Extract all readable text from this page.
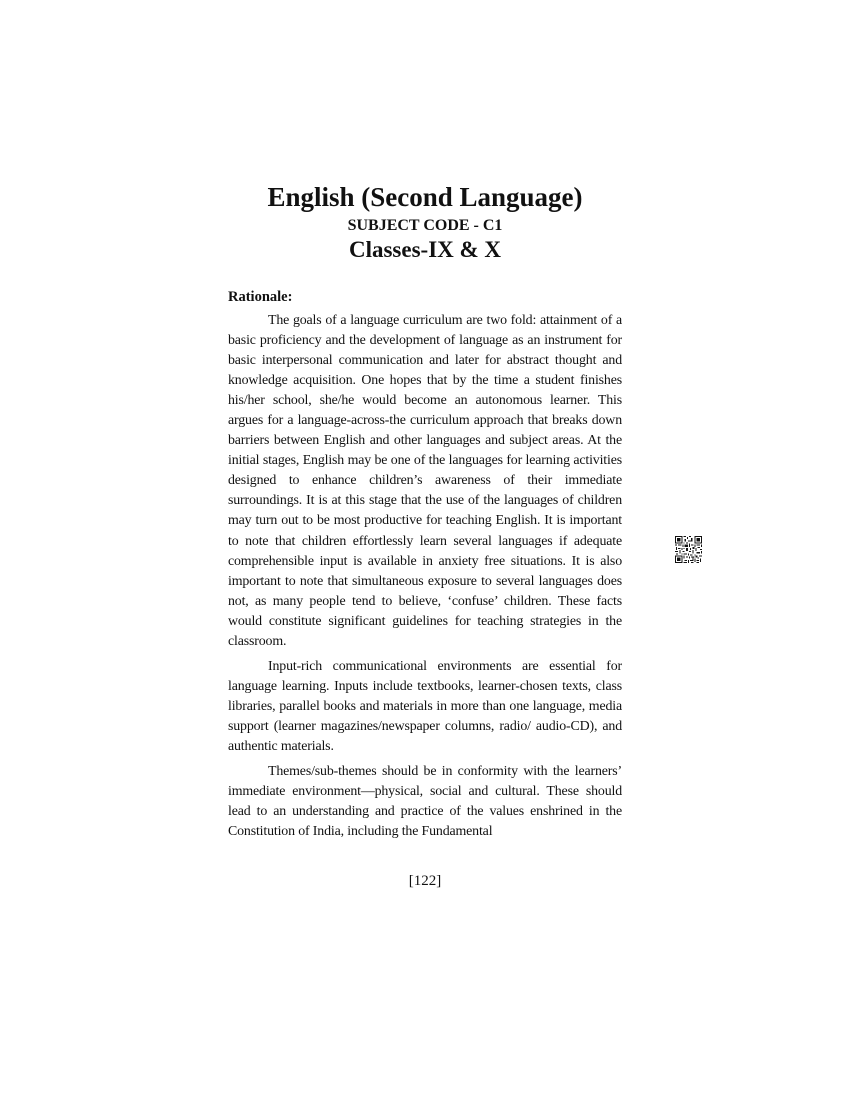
English (Second Language)
SUBJECT CODE - C1
Classes-IX & X
Rationale:

The goals of a language curriculum are two fold: attainment of a basic proficiency and the development of language as an instrument for basic interpersonal communication and later for abstract thought and knowledge acquisition. One hopes that by the time a student finishes his/her school, she/he would become an autonomous learner. This argues for a language-across-the curriculum approach that breaks down barriers between English and other languages and subject areas. At the initial stages, English may be one of the languages for learning activities designed to enhance children’s awareness of their immediate surroundings. It is at this stage that the use of the languages of children may turn out to be most productive for teaching English. It is important to note that children effortlessly learn several languages if adequate comprehensible input is available in anxiety free situations. It is also important to note that simultaneous exposure to several languages does not, as many people tend to believe, ‘confuse’ children. These facts would constitute significant guidelines for teaching strategies in the classroom.

Input-rich communicational environments are essential for language learning. Inputs include textbooks, learner-chosen texts, class libraries, parallel books and materials in more than one language, media support (learner magazines/newspaper columns, radio/ audio-CD), and authentic materials.

Themes/sub-themes should be in conformity with the learners’ immediate environment—physical, social and cultural. These should lead to an understanding and practice of the values enshrined in the Constitution of India, including the Fundamental

[122]
